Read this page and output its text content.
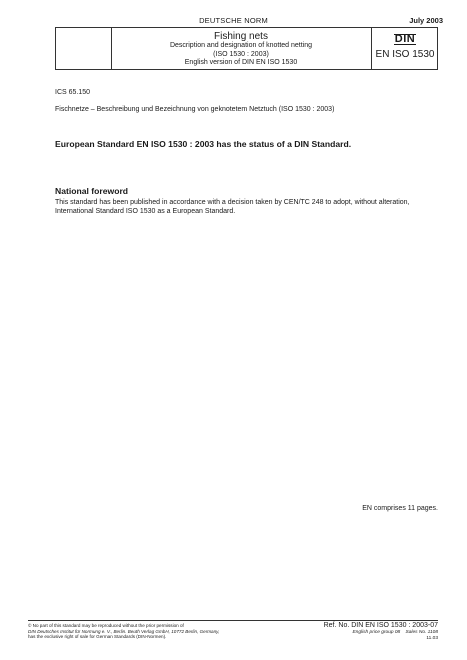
DEUTSCHE NORM	July 2003
Fishing nets
Description and designation of knotted netting
(ISO 1530 : 2003)
English version of DIN EN ISO 1530
DIN
EN ISO 1530
ICS 65.150
Fischnetze – Beschreibung und Bezeichnung von geknotetem Netztuch (ISO 1530 : 2003)
European Standard EN ISO 1530 : 2003 has the status of a DIN Standard.
National foreword
This standard has been published in accordance with a decision taken by CEN/TC 248 to adopt, without alteration, International Standard ISO 1530 as a European Standard.
EN comprises 11 pages.
© No part of this standard may be reproduced without the prior permission of
DIN Deutsches Institut für Normung e. V., Berlin. Beuth Verlag GmbH, 10772 Berlin, Germany,
has the exclusive right of sale for German Standards (DIN-Normen).
Ref. No. DIN EN ISO 1530 : 2003-07
English price group 08 Sales No. 1108
11.03
